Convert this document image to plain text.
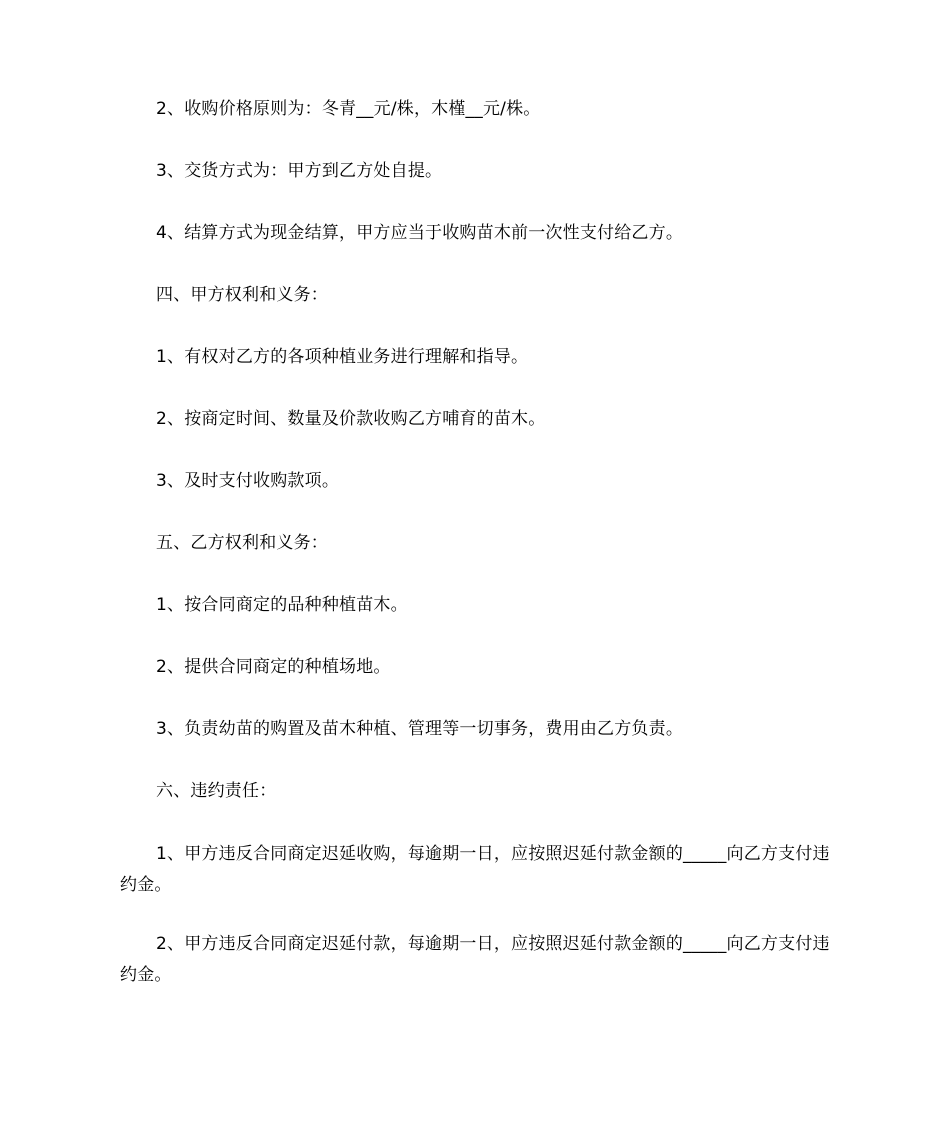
2、收购价格原则为：冬青__元/株，木槿__元/株。

3、交货方式为：甲方到乙方处自提。

4、结算方式为现金结算，甲方应当于收购苗木前一次性支付给乙方。

四、甲方权利和义务：

1、有权对乙方的各项种植业务进行理解和指导。

2、按商定时间、数量及价款收购乙方哺育的苗木。

3、及时支付收购款项。

五、乙方权利和义务：

1、按合同商定的品种种植苗木。

2、提供合同商定的种植场地。

3、负责幼苗的购置及苗木种植、管理等一切事务，费用由乙方负责。

六、违约责任：

1、甲方违反合同商定迟延收购，每逾期一日，应按照迟延付款金额的_____向乙方支付违约金。

2、甲方违反合同商定迟延付款，每逾期一日，应按照迟延付款金额的_____向乙方支付违约金。
